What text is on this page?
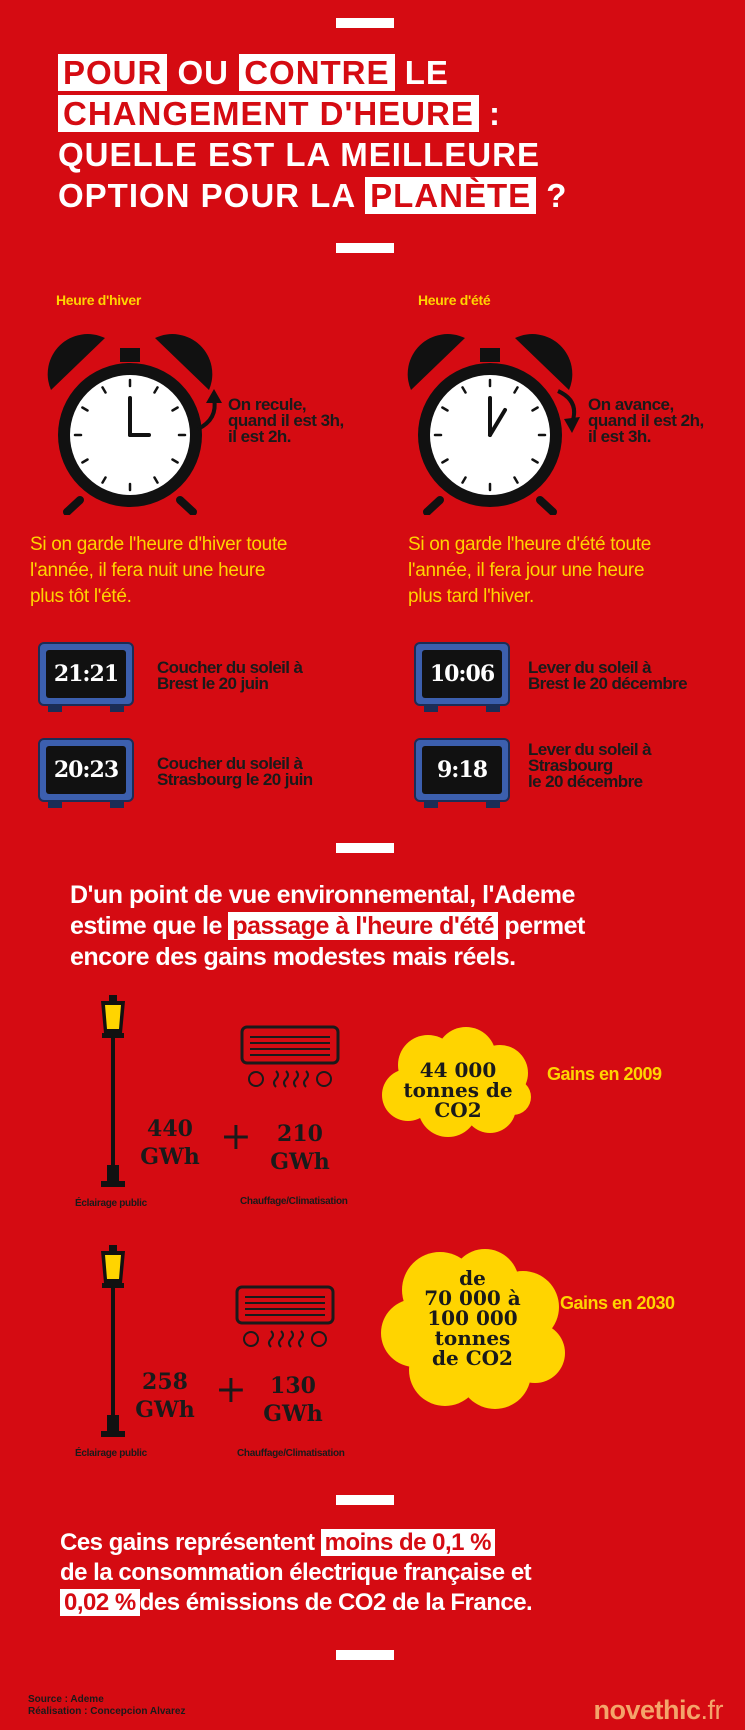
POUR OU CONTRE LE
CHANGEMENT D'HEURE :
QUELLE EST LA MEILLEURE
OPTION POUR LA PLANÈTE ?
Heure d'hiver	Heure d'été
On recule,
quand il est 3h,
il est 2h.
On avance,
quand il est 2h,
il est 3h.
Si on garde l'heure d'hiver toute
l'année, il fera nuit une heure
plus tôt l'été.
Si on garde l'heure d'été toute
l'année, il fera jour une heure
plus tard l'hiver.
21:21	Coucher du soleil à
Brest le 20 juin
20:23	Coucher du soleil à
Strasbourg le 20 juin
10:06	Lever du soleil à
Brest le 20 décembre
9:18
Lever du soleil à
Strasbourg
le 20 décembre
D'un point de vue environnemental, l'Ademe
estime que le passage à l'heure d'été permet
encore des gains modestes mais réels.
440
GWh +	210
GWh
Éclairage public	Chauffage/Climatisation
44 000
tonnes de
CO2
Gains en 2009
258
GWh +	130
GWh
Éclairage public	Chauffage/Climatisation
de
70 000 à
100 000
tonnes
de CO2
Gains en 2030
Ces gains représentent moins de 0,1 %
de la consommation électrique française et
0,02 % des émissions de CO2 de la France.
Source : Ademe
Réalisation : Concepcion Alvarez	novethic.fr
